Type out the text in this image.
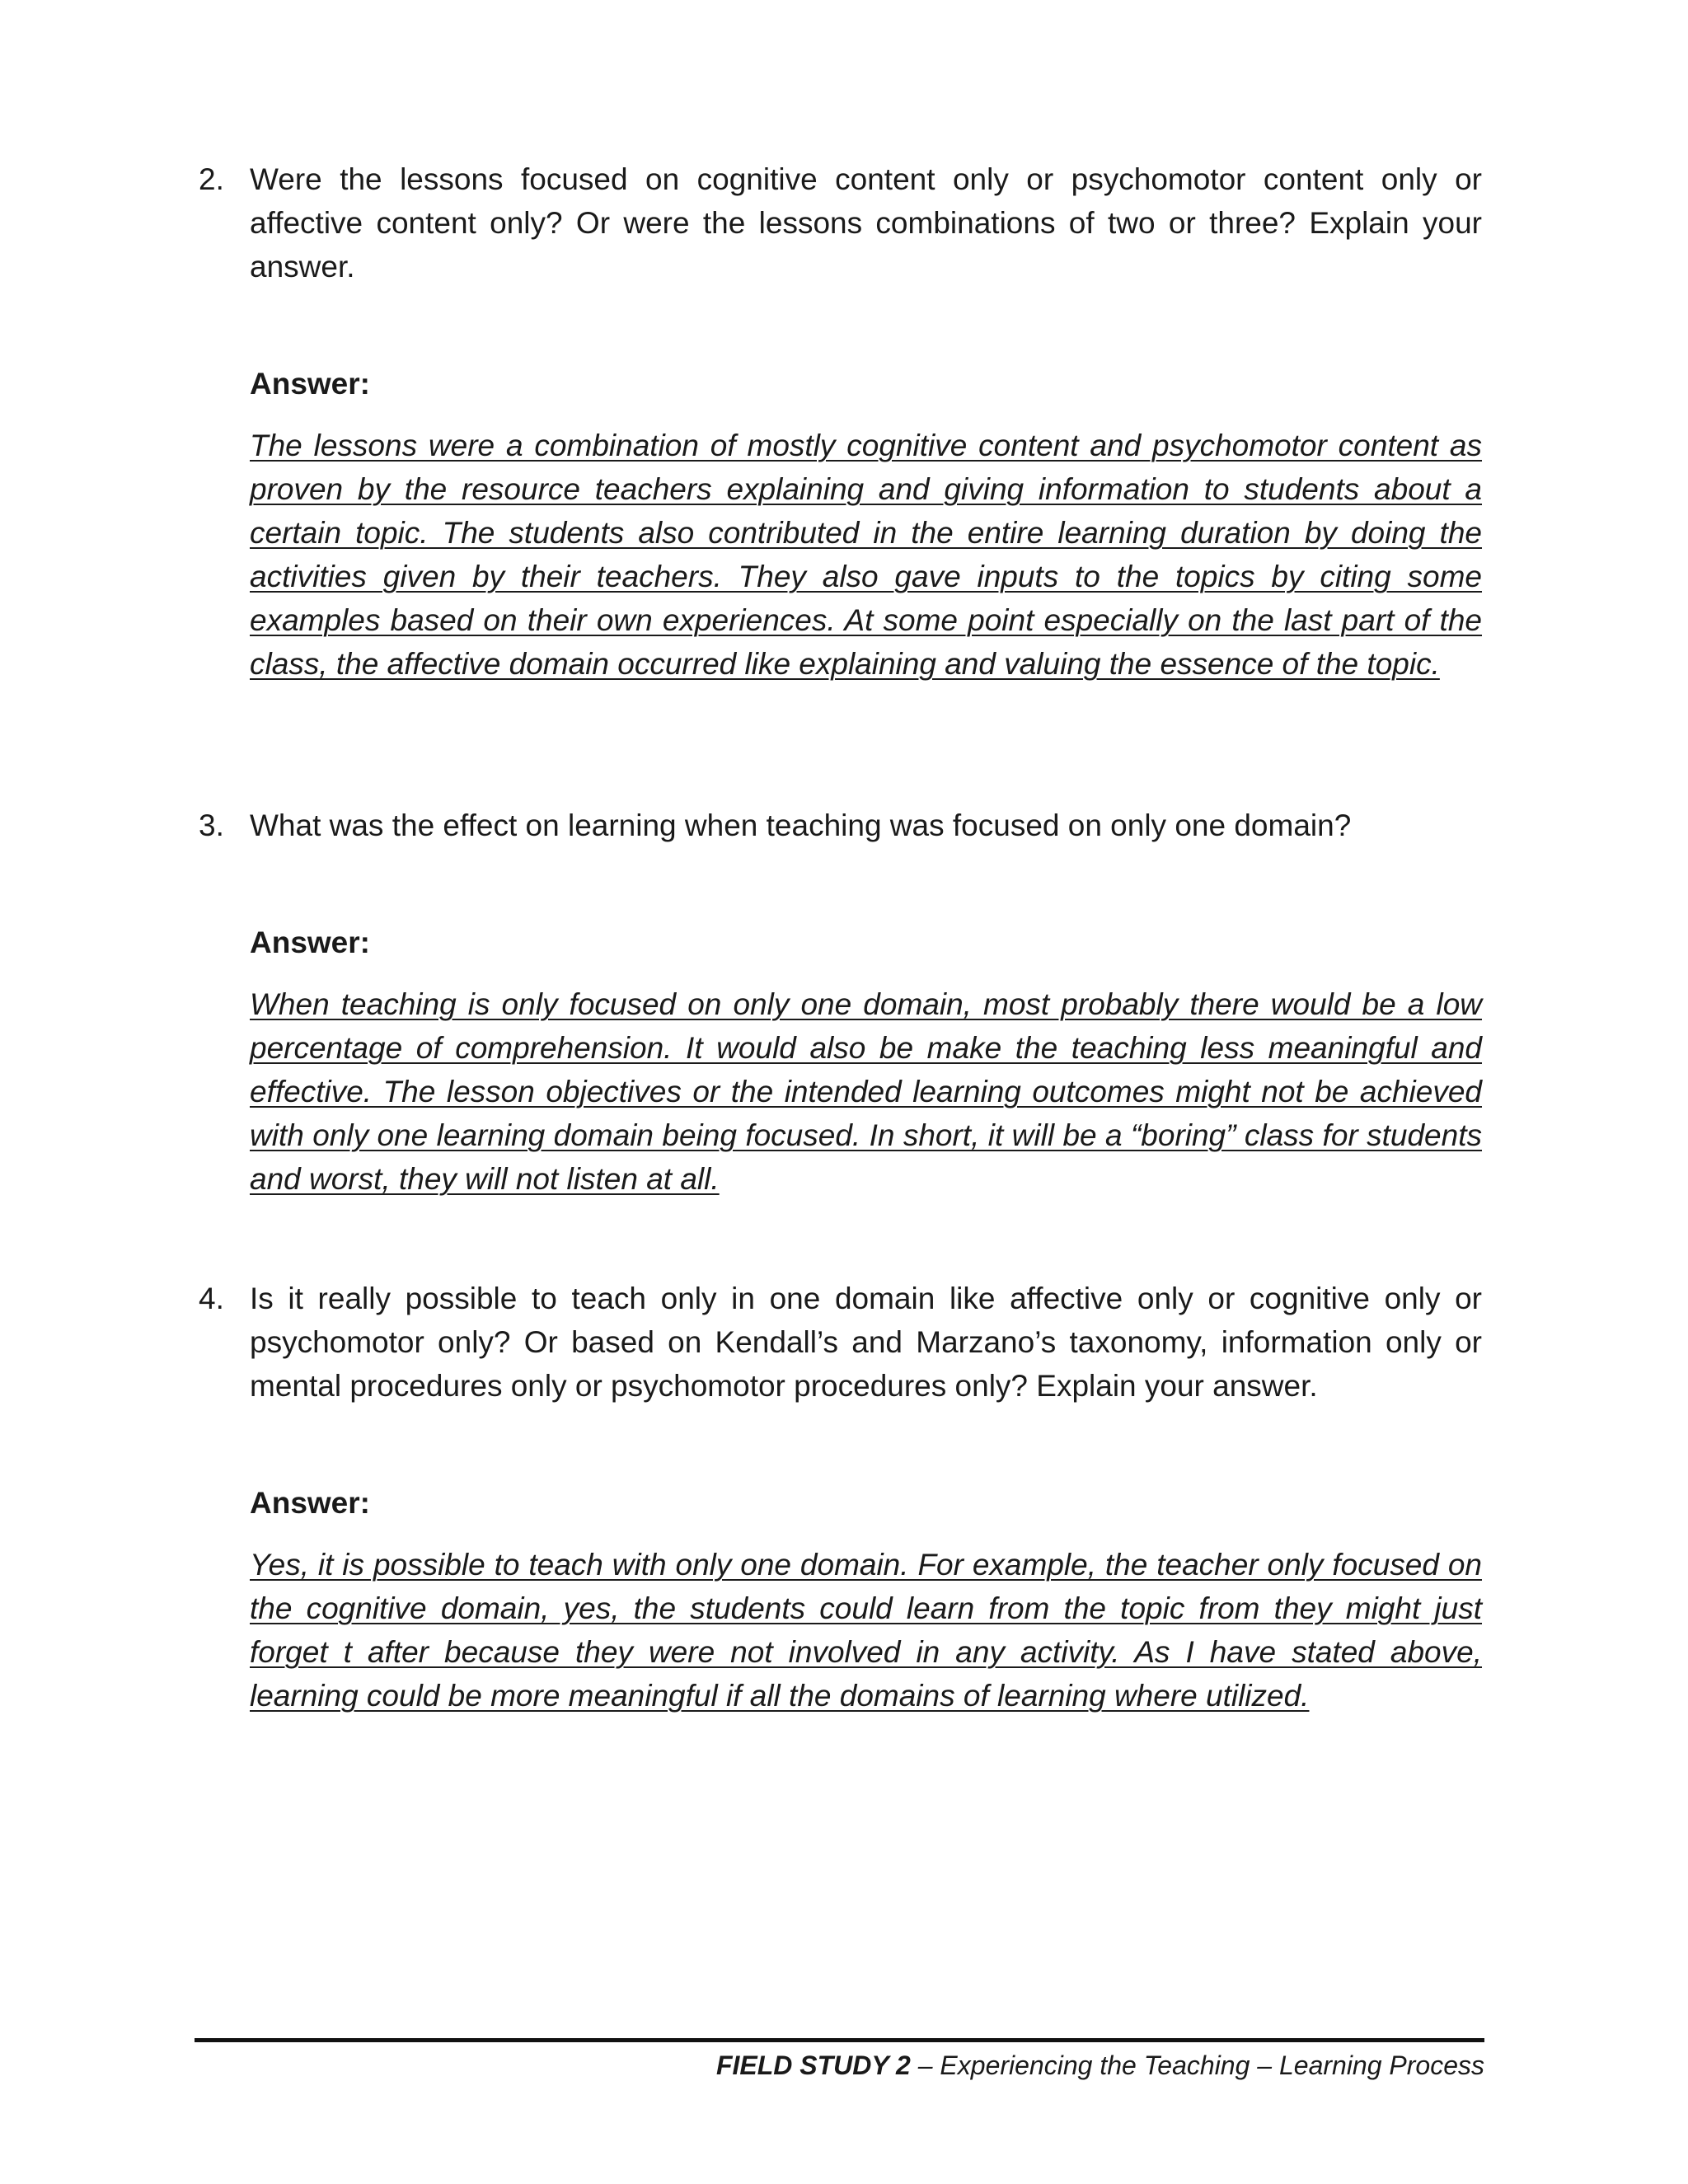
2. Were the lessons focused on cognitive content only or psychomotor content only or affective content only? Or were the lessons combinations of two or three? Explain your answer.
Answer:
The lessons were a combination of mostly cognitive content and psychomotor content as proven by the resource teachers explaining and giving information to students about a certain topic. The students also contributed in the entire learning duration by doing the activities given by their teachers. They also gave inputs to the topics by citing some examples based on their own experiences. At some point especially on the last part of the class, the affective domain occurred like explaining and valuing the essence of the topic.
3. What was the effect on learning when teaching was focused on only one domain?
Answer:
When teaching is only focused on only one domain, most probably there would be a low percentage of comprehension. It would also be make the teaching less meaningful and effective. The lesson objectives or the intended learning outcomes might not be achieved with only one learning domain being focused. In short, it will be a “boring” class for students and worst, they will not listen at all.
4. Is it really possible to teach only in one domain like affective only or cognitive only or psychomotor only? Or based on Kendall’s and Marzano’s taxonomy, information only or mental procedures only or psychomotor procedures only? Explain your answer.
Answer:
Yes, it is possible to teach with only one domain. For example, the teacher only focused on the cognitive domain, yes, the students could learn from the topic from they might just forget t after because they were not involved in any activity. As I have stated above, learning could be more meaningful if all the domains of learning where utilized.
FIELD STUDY 2 – Experiencing the Teaching – Learning Process
